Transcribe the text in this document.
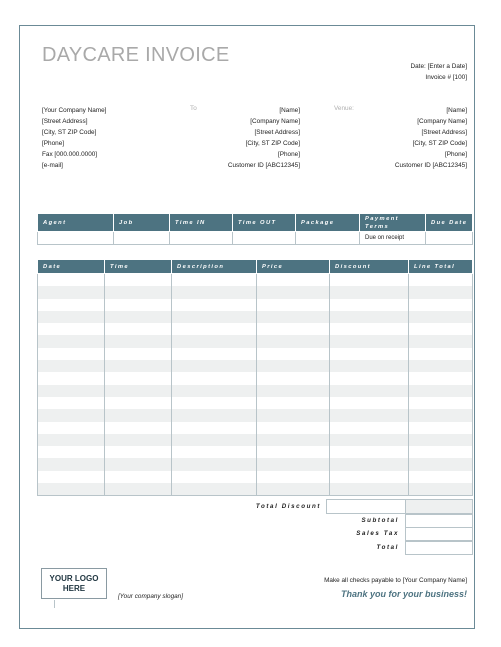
DAYCARE INVOICE
Date: [Enter a Date]
Invoice # [100]
[Your Company Name]
[Street Address]
[City, ST ZIP Code]
[Phone]
Fax [000.000.0000]
[e-mail]
To	[Name]
[Company Name]
[Street Address]
[City, ST ZIP Code]
[Phone]
Customer ID [ABC12345]
Venue:	[Name]
[Company Name]
[Street Address]
[City, ST ZIP Code]
[Phone]
Customer ID [ABC12345]
Agent	Job	Time IN	Time OUT	Package	Payment Terms	Due Date
					Due on receipt	
Date	Time	Description	Price	Discount	Line Total

Total Discount
Subtotal
Sales Tax
Total
YOUR LOGO
HERE
[Your company slogan]
Make all checks payable to [Your Company Name]
Thank you for your business!
